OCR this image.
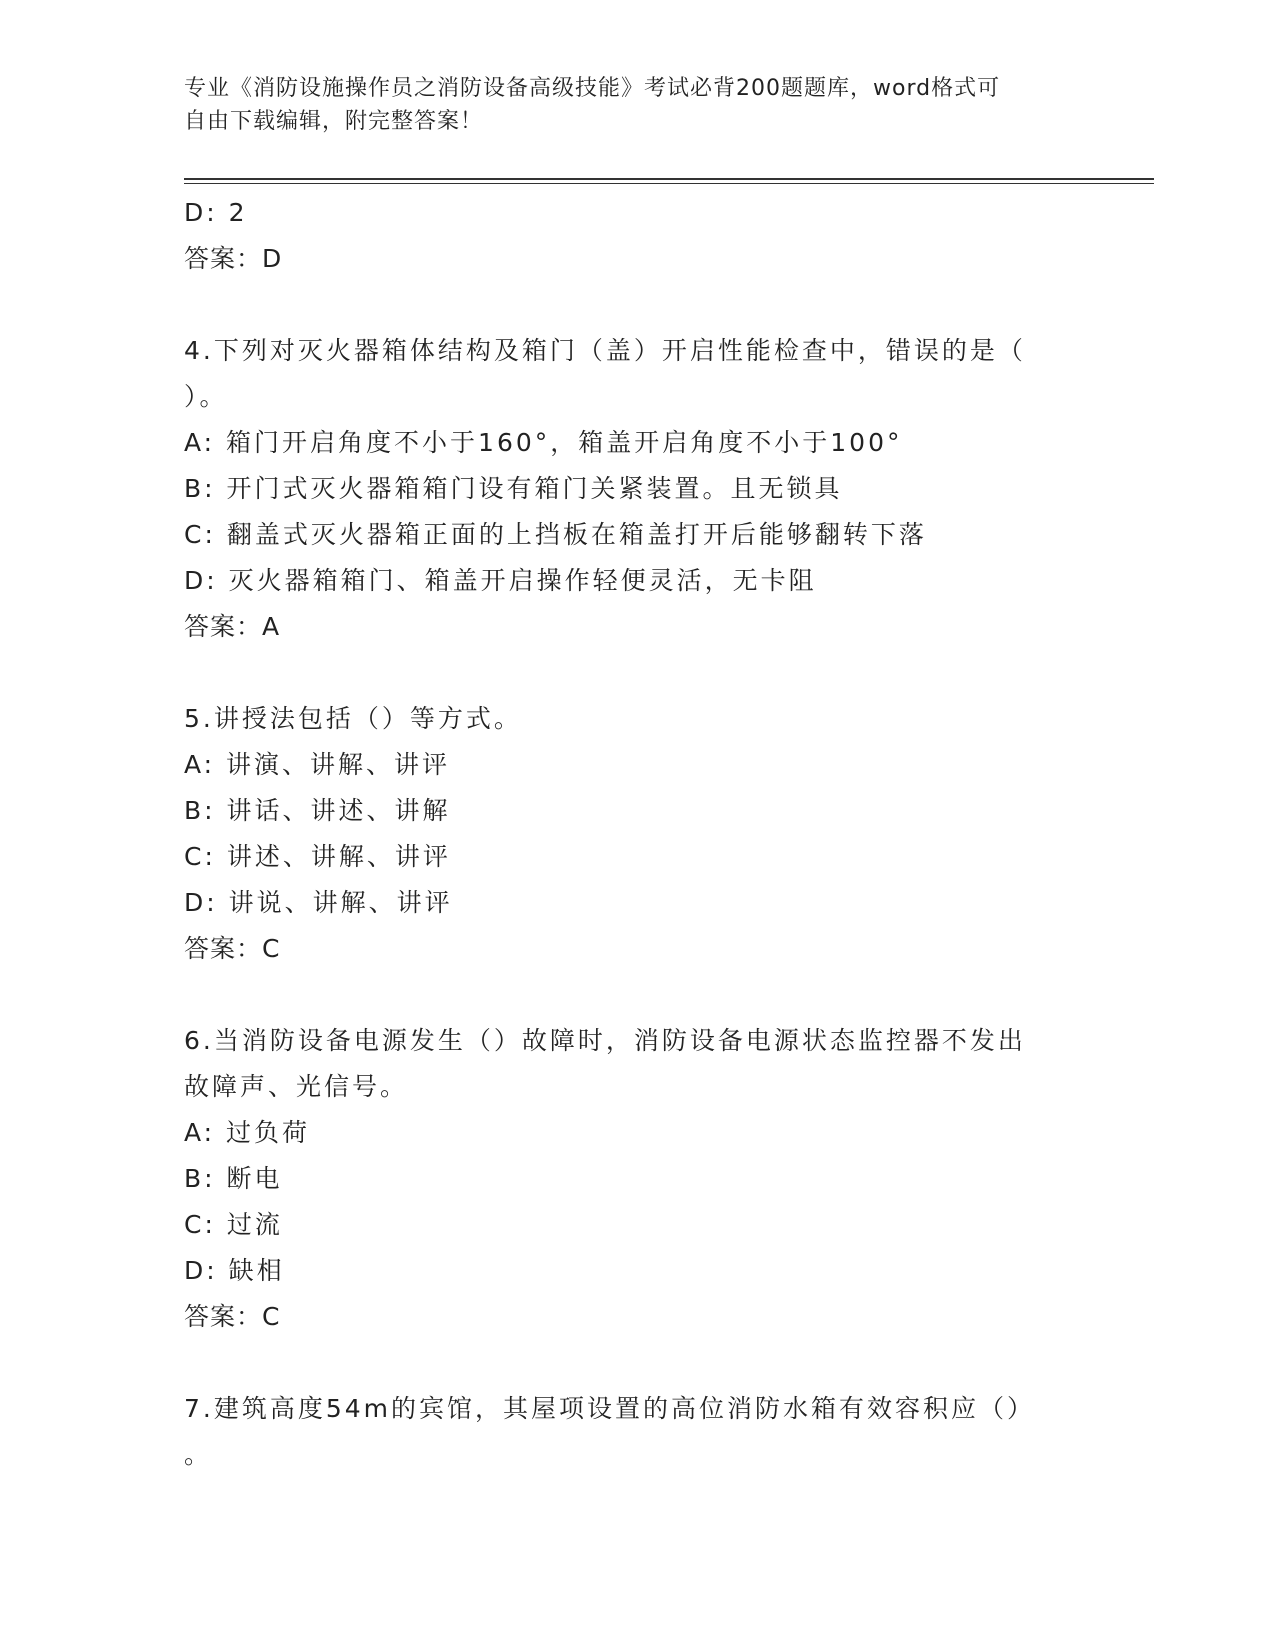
专业《消防设施操作员之消防设备高级技能》考试必背200题题库，word格式可
自由下载编辑，附完整答案！
D: 2
答案：D
4.下列对灭火器箱体结构及箱门（盖）开启性能检查中，错误的是（
）。
A: 箱门开启角度不小于160°，箱盖开启角度不小于100°
B: 开门式灭火器箱箱门设有箱门关紧装置。且无锁具
C: 翻盖式灭火器箱正面的上挡板在箱盖打开后能够翻转下落
D: 灭火器箱箱门、箱盖开启操作轻便灵活，无卡阻
答案：A
5.讲授法包括（）等方式。
A: 讲演、讲解、讲评
B: 讲话、讲述、讲解
C: 讲述、讲解、讲评
D: 讲说、讲解、讲评
答案：C
6.当消防设备电源发生（）故障时，消防设备电源状态监控器不发出
故障声、光信号。
A: 过负荷
B: 断电
C: 过流
D: 缺相
答案：C
7.建筑高度54m的宾馆，其屋项设置的高位消防水箱有效容积应（）
。
